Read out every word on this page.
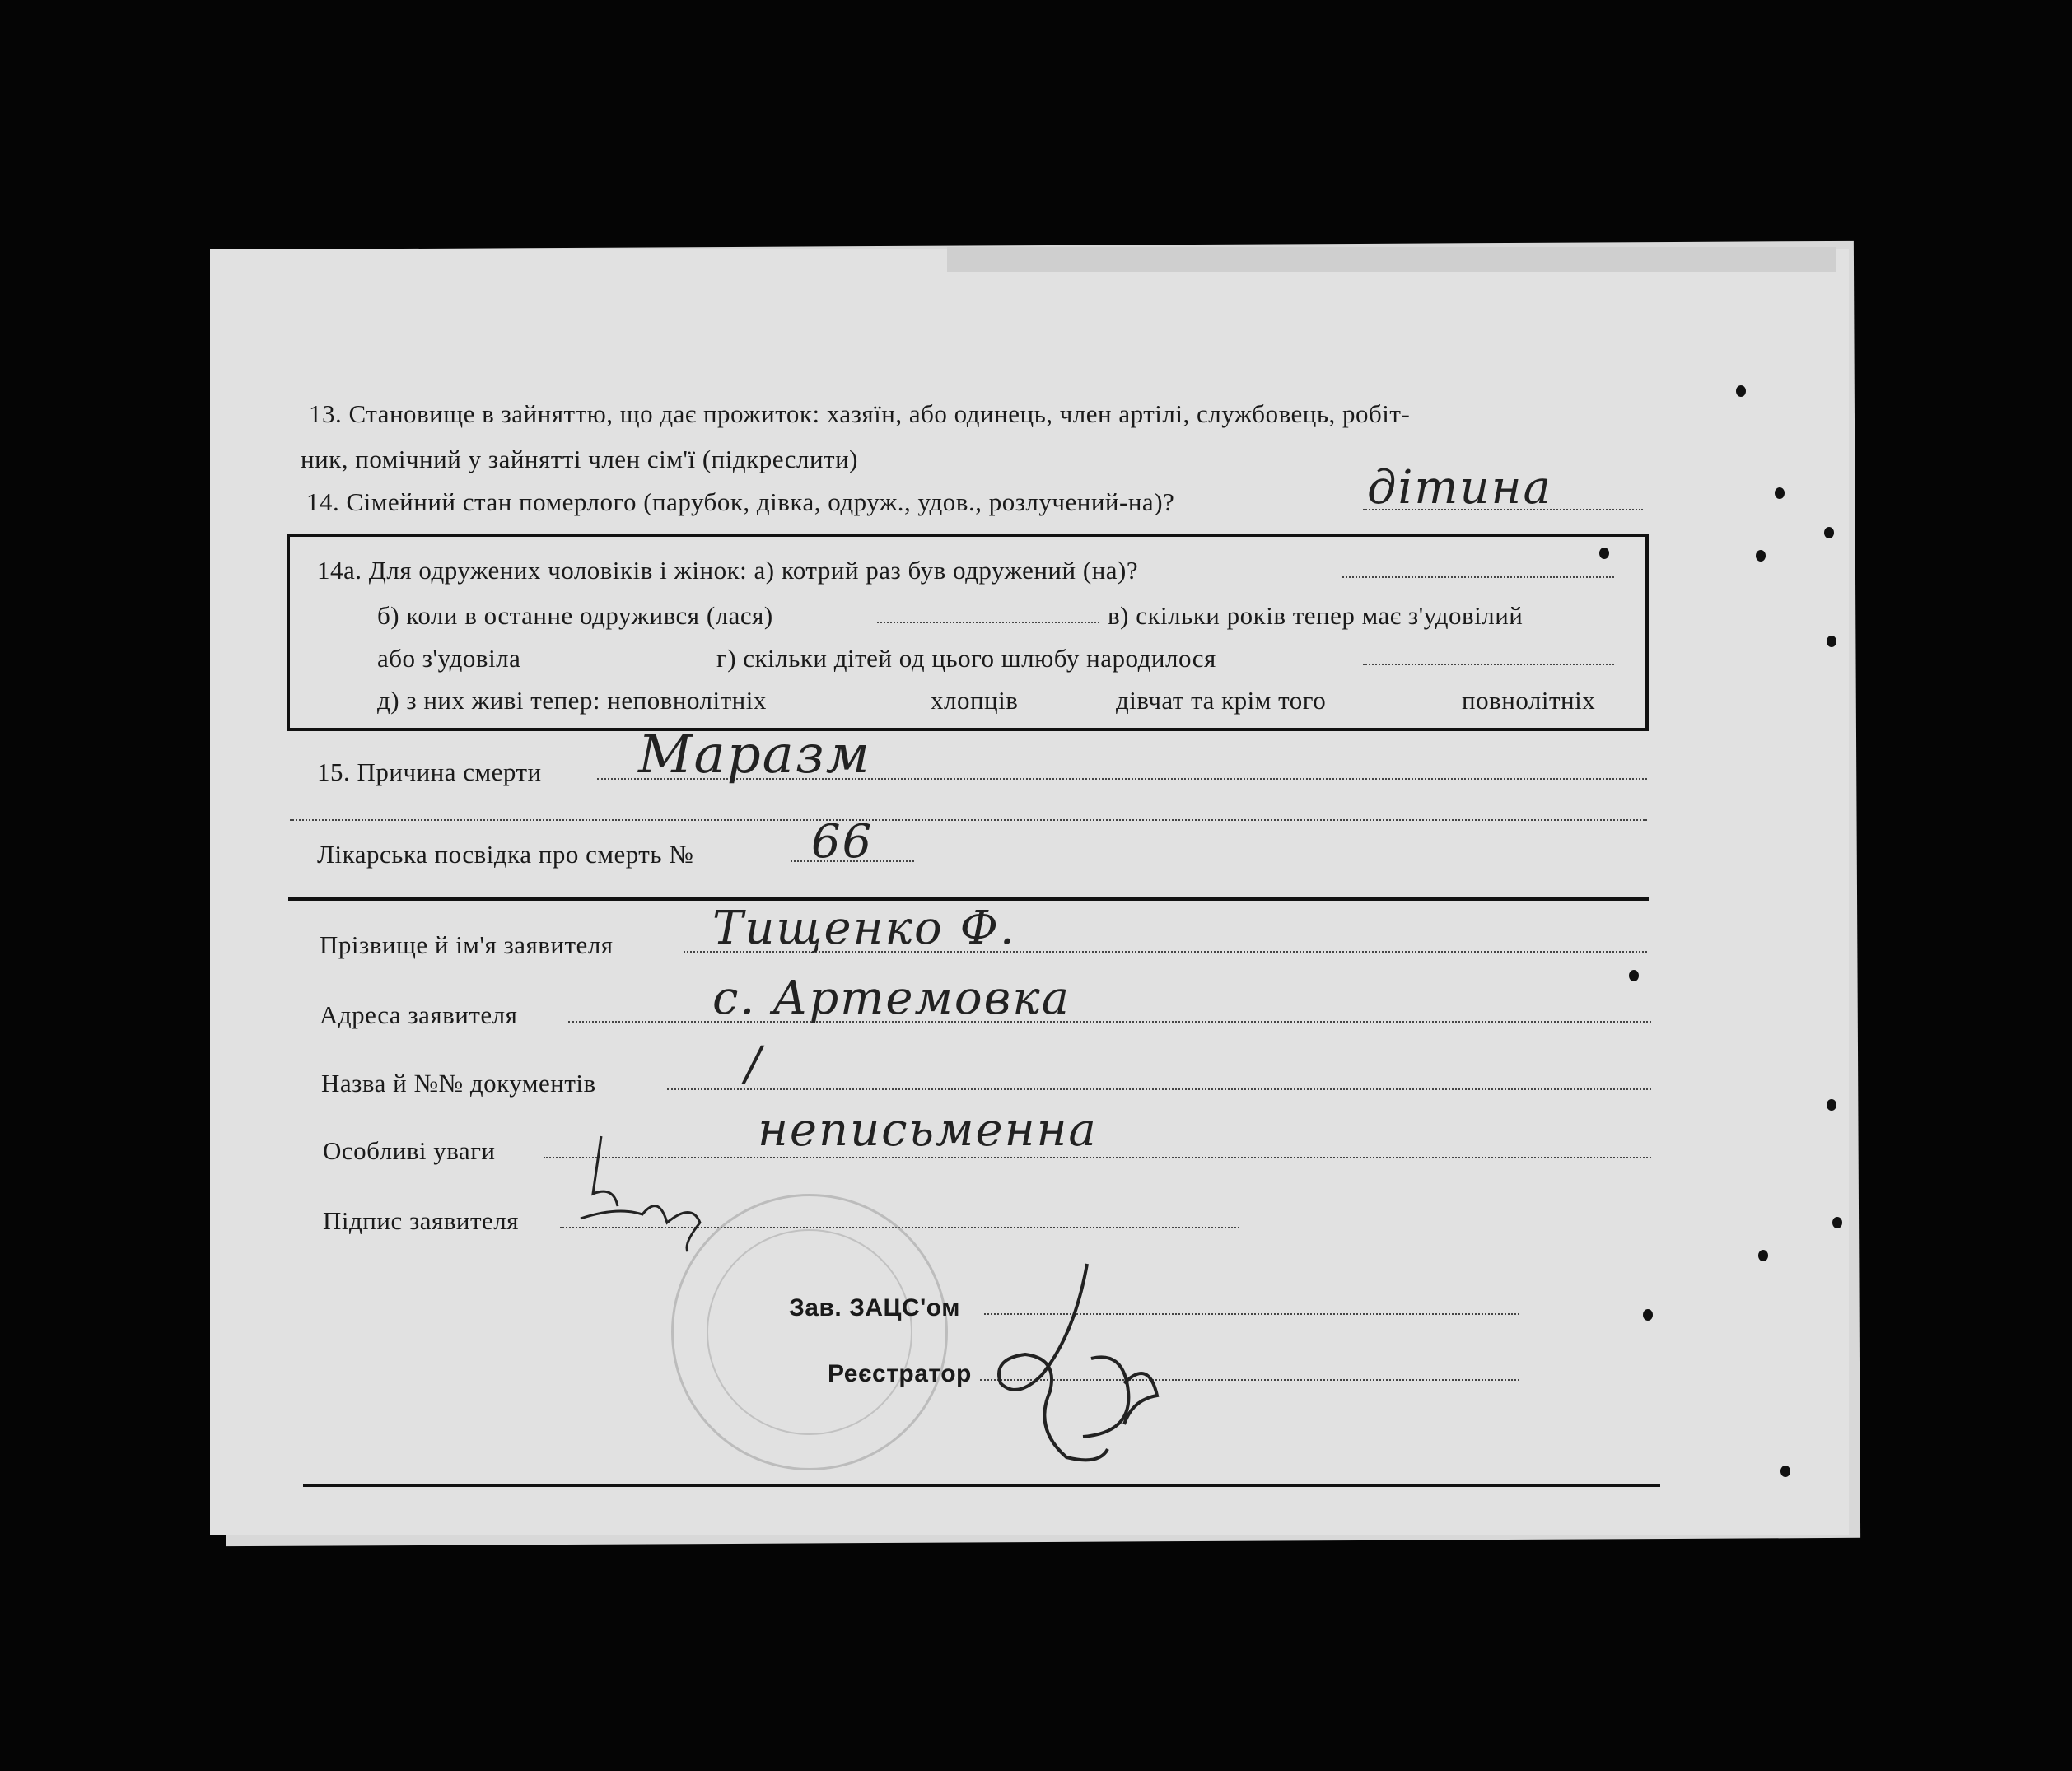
13. Становище в зайняттю, що дає прожиток: хазяїн, або одинець, член артілі, службовець, робіт-
ник, помічний у зайнятті член сім'ї (підкреслити)
14. Сімейний стан померлого (парубок, дівка, одруж., удов., розлучений-на)?	дітина
14а. Для одружених чоловіків і жінок: а) котрий раз був одружений (на)?
б) коли в останне одружився (лася)	в) скільки років тепер має з'удовілий
або з'удовіла	г) скільки дітей од цього шлюбу народилося
д) з них живі тепер: неповнолітніх	хлопців	дівчат та крім того	повнолітніх
15. Причина смерти Маразм
Лікарська посвідка про смерть №	66
Прізвище й ім'я заявителя Тищенко Ф.
Адреса заявителя	с. Артемовка
Назва й №№ документів	/
Особливі уваги	неписьменна
Підпис заявителя
Зав. ЗАЦС'ом
Реєстратор
